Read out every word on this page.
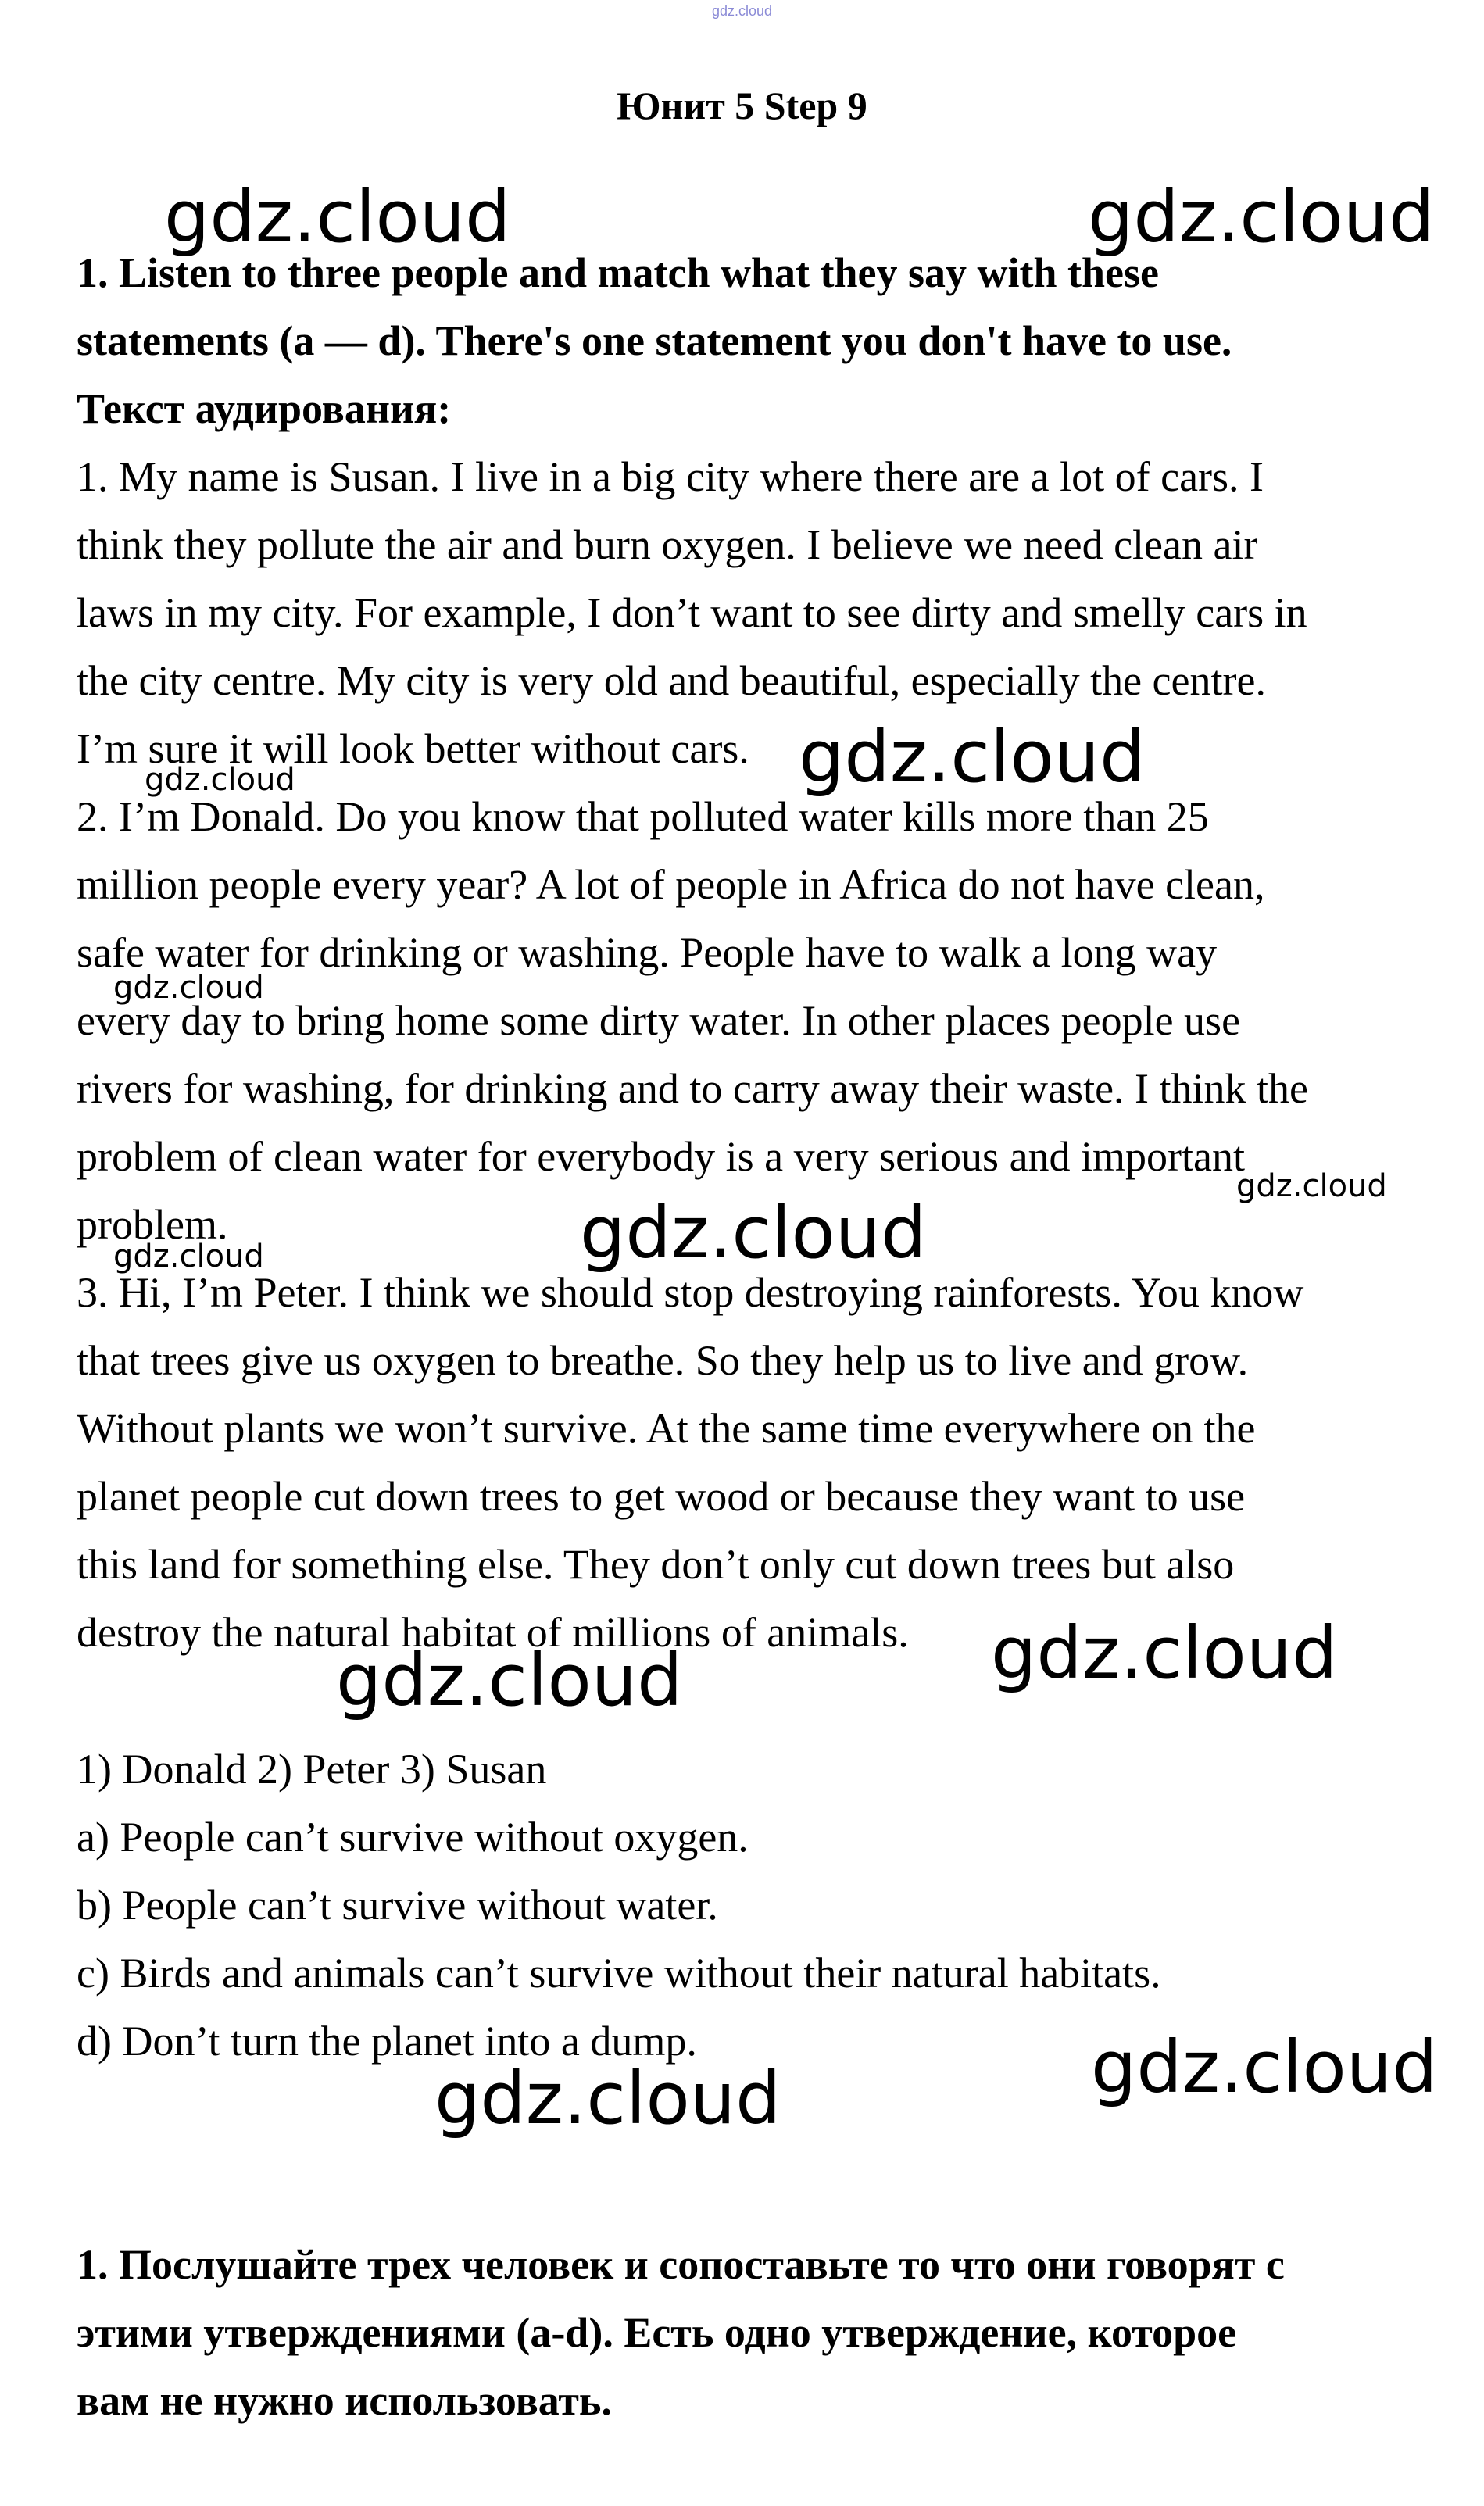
gdz.cloud
Юнит 5 Step 9
1. Listen to three people and match what they say with these
statements (a — d). There's one statement you don't have to use.
Текст аудирования:
1. My name is Susan. I live in a big city where there are a lot of cars. I
think they pollute the air and burn oxygen. I believe we need clean air
laws in my city. For example, I don’t want to see dirty and smelly cars in
the city centre. My city is very old and beautiful, especially the centre.
I’m sure it will look better without cars.
2. I’m Donald. Do you know that polluted water kills more than 25
million people every year? A lot of people in Africa do not have clean,
safe water for drinking or washing. People have to walk a long way
every day to bring home some dirty water. In other places people use
rivers for washing, for drinking and to carry away their waste. I think the
problem of clean water for everybody is a very serious and important
problem.
3. Hi, I’m Peter. I think we should stop destroying rainforests. You know
that trees give us oxygen to breathe. So they help us to live and grow.
Without plants we won’t survive. At the same time everywhere on the
planet people cut down trees to get wood or because they want to use
this land for something else. They don’t only cut down trees but also
destroy the natural habitat of millions of animals.
1) Donald 2) Peter 3) Susan
a) People can’t survive without oxygen.
b) People can’t survive without water.
c) Birds and animals can’t survive without their natural habitats.
d) Don’t turn the planet into a dump.
1. Послушайте трех человек и сопоставьте то что они говорят с
этими утверждениями (a-d). Есть одно утверждение, которое
вам не нужно использовать.
gdz.cloud	gdz.cloud
gdz.cloud
gdz.cloud
gdz.cloud
gdz.cloud
gdz.cloud	gdz.cloud
gdz.cloud
gdz.cloud
gdz.cloud
gdz.cloud
